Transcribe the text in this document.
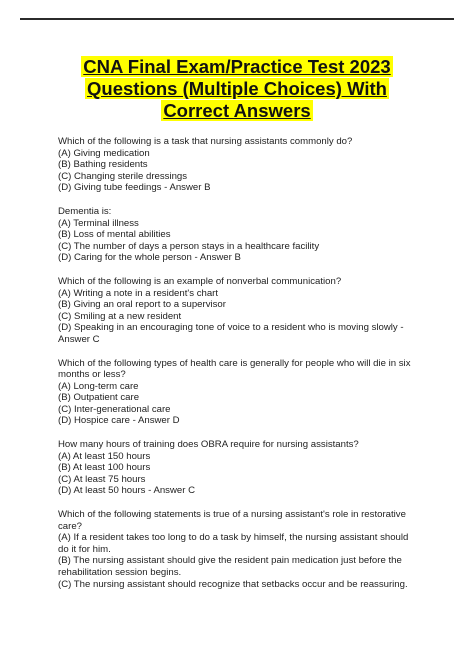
CNA Final Exam/Practice Test 2023
Questions (Multiple Choices) With
Correct Answers
Which of the following is a task that nursing assistants commonly do?
(A) Giving medication
(B) Bathing residents
(C) Changing sterile dressings
(D) Giving tube feedings - Answer B
Dementia is:
(A) Terminal illness
(B) Loss of mental abilities
(C) The number of days a person stays in a healthcare facility
(D) Caring for the whole person - Answer B
Which of the following is an example of nonverbal communication?
(A) Writing a note in a resident's chart
(B) Giving an oral report to a supervisor
(C) Smiling at a new resident
(D) Speaking in an encouraging tone of voice to a resident who is moving slowly - Answer C
Which of the following types of health care is generally for people who will die in six months or less?
(A) Long-term care
(B) Outpatient care
(C) Inter-generational care
(D) Hospice care - Answer D
How many hours of training does OBRA require for nursing assistants?
(A) At least 150 hours
(B) At least 100 hours
(C) At least 75 hours
(D) At least 50 hours - Answer C
Which of the following statements is true of a nursing assistant's role in restorative care?
(A) If a resident takes too long to do a task by himself, the nursing assistant should do it for him.
(B) The nursing assistant should give the resident pain medication just before the rehabilitation session begins.
(C) The nursing assistant should recognize that setbacks occur and be reassuring.
